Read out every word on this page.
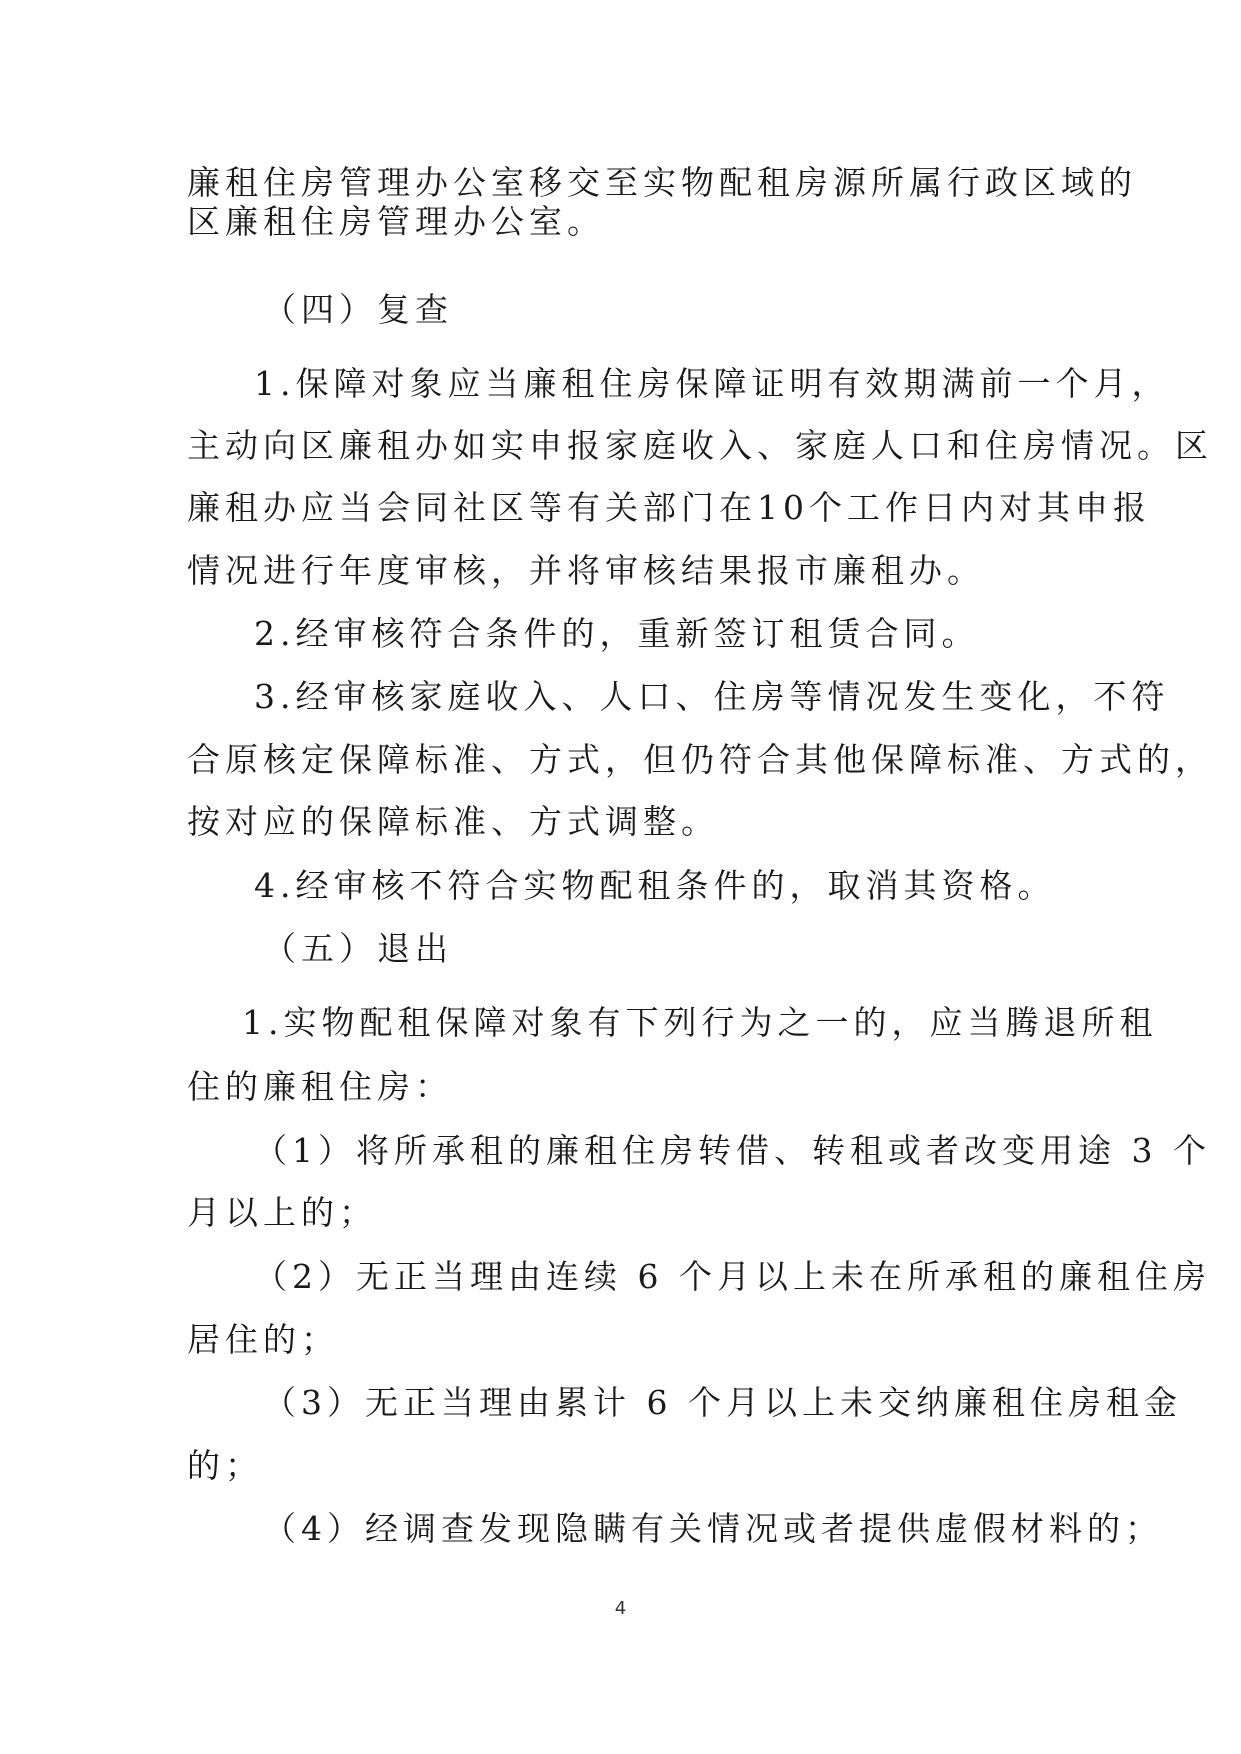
廉租住房管理办公室移交至实物配租房源所属行政区域的
区廉租住房管理办公室。
（四）复查
1.保障对象应当廉租住房保障证明有效期满前一个月，
主动向区廉租办如实申报家庭收入、家庭人口和住房情况。区
廉租办应当会同社区等有关部门在10个工作日内对其申报
情况进行年度审核，并将审核结果报市廉租办。
2.经审核符合条件的，重新签订租赁合同。
3.经审核家庭收入、人口、住房等情况发生变化，不符
合原核定保障标准、方式，但仍符合其他保障标准、方式的，
按对应的保障标准、方式调整。
4.经审核不符合实物配租条件的，取消其资格。
（五）退出
1.实物配租保障对象有下列行为之一的，应当腾退所租
住的廉租住房：
（1）将所承租的廉租住房转借、转租或者改变用途 3 个
月以上的；
（2）无正当理由连续 6 个月以上未在所承租的廉租住房
居住的；
（3）无正当理由累计 6 个月以上未交纳廉租住房租金
的；
（4）经调查发现隐瞒有关情况或者提供虚假材料的；
4
